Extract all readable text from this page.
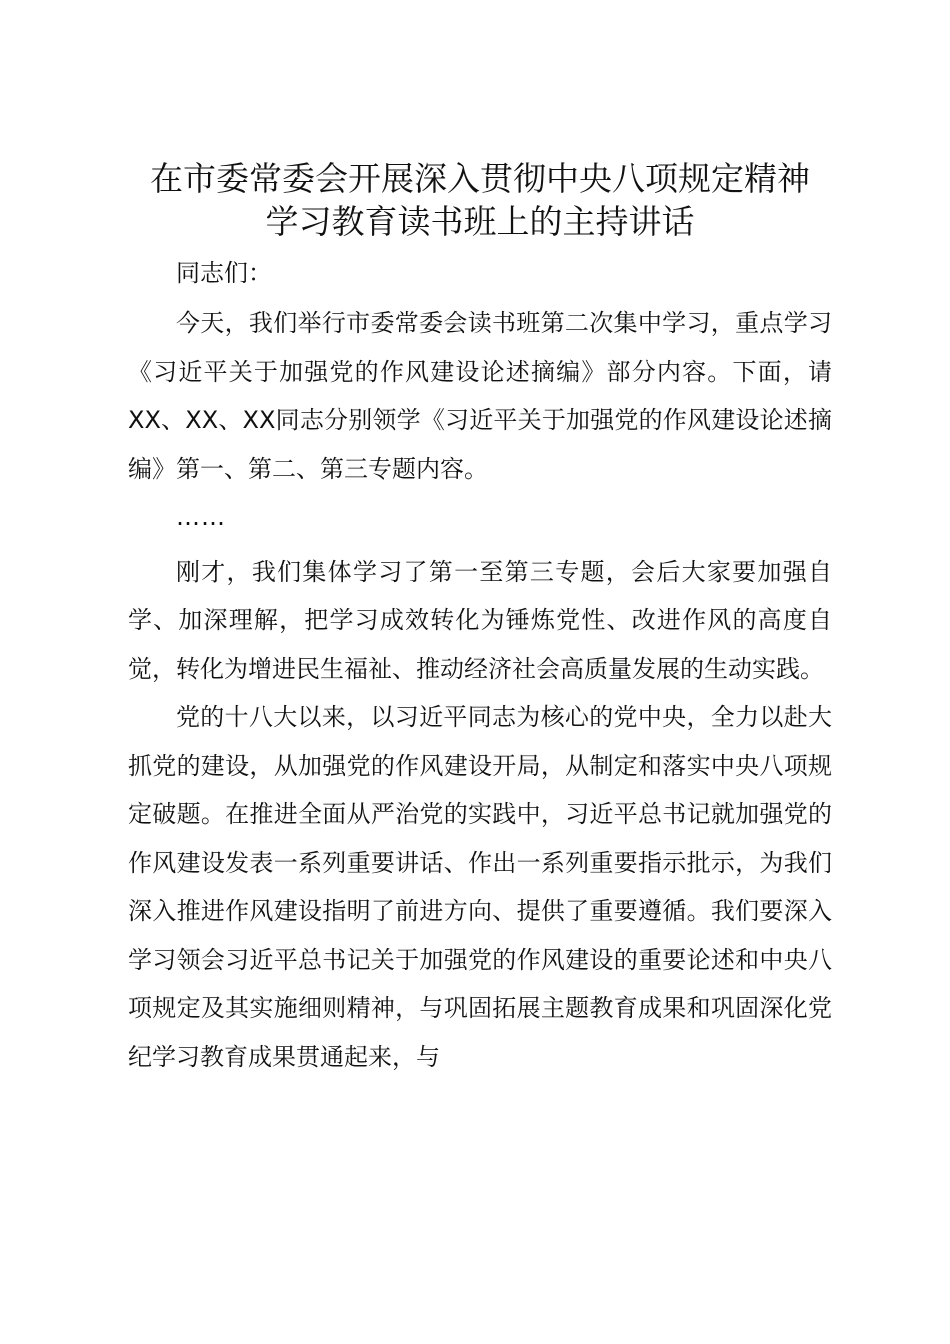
在市委常委会开展深入贯彻中央八项规定精神
学习教育读书班上的主持讲话

同志们：

今天，我们举行市委常委会读书班第二次集中学习，重点学习《习近平关于加强党的作风建设论述摘编》部分内容。下面，请XX、XX、XX同志分别领学《习近平关于加强党的作风建设论述摘编》第一、第二、第三专题内容。

……

刚才，我们集体学习了第一至第三专题，会后大家要加强自学、加深理解，把学习成效转化为锤炼党性、改进作风的高度自觉，转化为增进民生福祉、推动经济社会高质量发展的生动实践。

党的十八大以来，以习近平同志为核心的党中央，全力以赴大抓党的建设，从加强党的作风建设开局，从制定和落实中央八项规定破题。在推进全面从严治党的实践中，习近平总书记就加强党的作风建设发表一系列重要讲话、作出一系列重要指示批示，为我们深入推进作风建设指明了前进方向、提供了重要遵循。我们要深入学习领会习近平总书记关于加强党的作风建设的重要论述和中央八项规定及其实施细则精神，与巩固拓展主题教育成果和巩固深化党纪学习教育成果贯通起来，与
